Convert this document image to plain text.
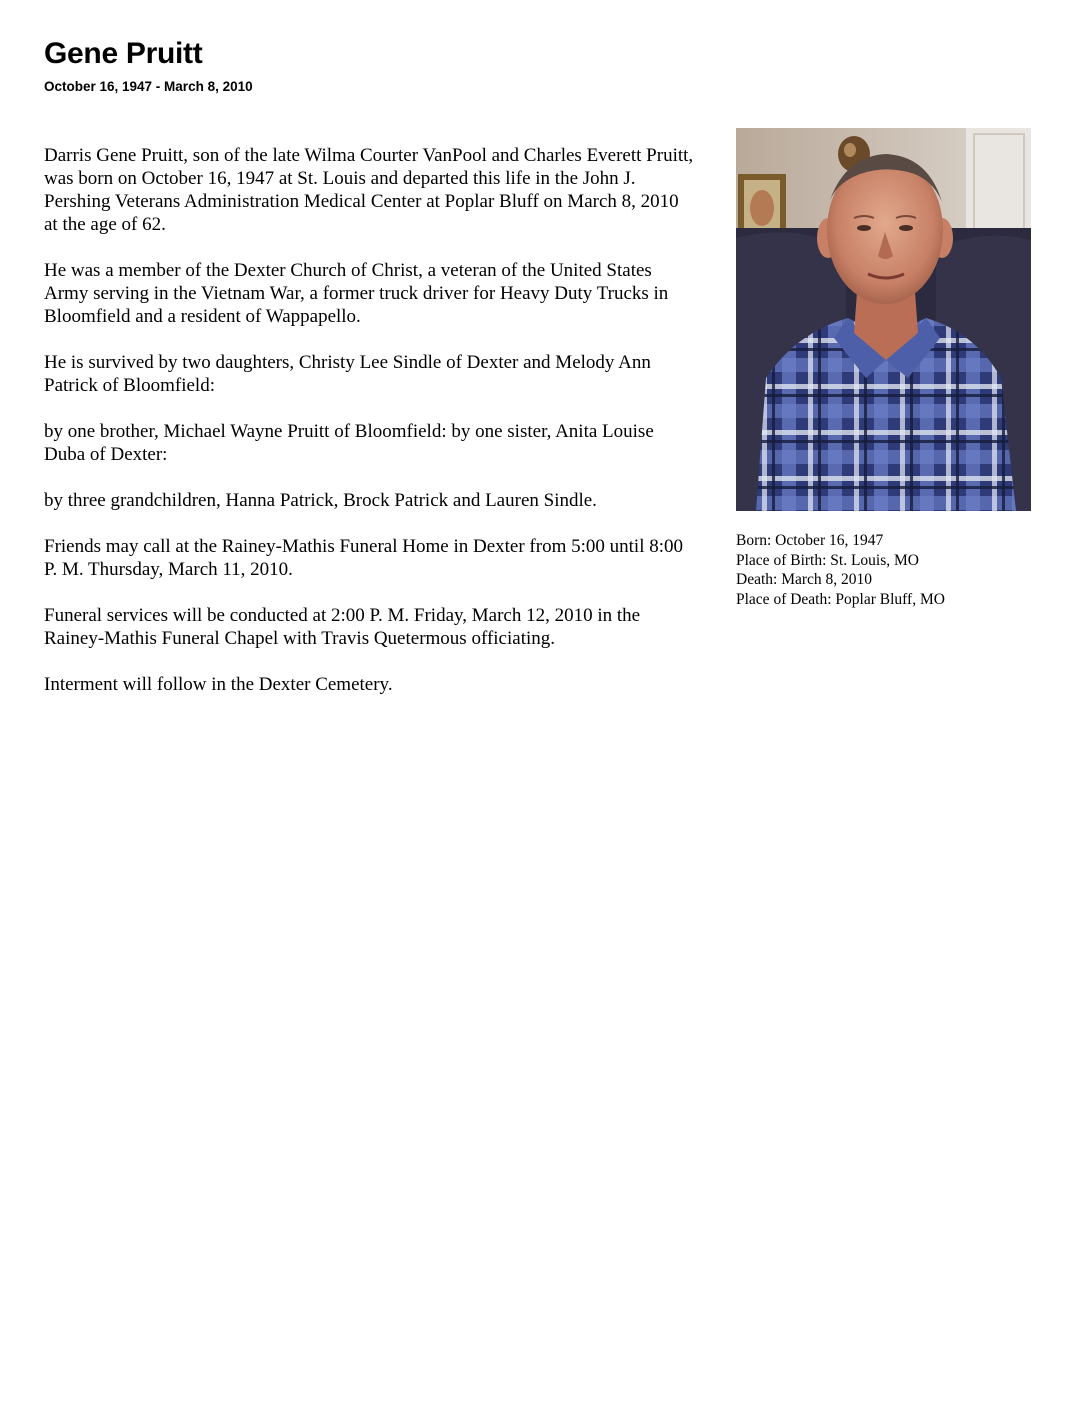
Gene Pruitt
October 16, 1947 - March 8, 2010

Darris Gene Pruitt, son of the late Wilma Courter VanPool and Charles Everett Pruitt, was born on October 16, 1947 at St. Louis and departed this life in the John J. Pershing Veterans Administration Medical Center at Poplar Bluff on March 8, 2010 at the age of 62.

He was a member of the Dexter Church of Christ, a veteran of the United States Army serving in the Vietnam War, a former truck driver for Heavy Duty Trucks in Bloomfield and a resident of Wappapello.

He is survived by two daughters, Christy Lee Sindle of Dexter and Melody Ann Patrick of Bloomfield:

by one brother, Michael Wayne Pruitt of Bloomfield: by one sister, Anita Louise Duba of Dexter:

by three grandchildren, Hanna Patrick, Brock Patrick and Lauren Sindle.

Friends may call at the Rainey-Mathis Funeral Home in Dexter from 5:00 until 8:00 P. M. Thursday, March 11, 2010.

Funeral services will be conducted at 2:00 P. M. Friday, March 12, 2010 in the Rainey-Mathis Funeral Chapel with Travis Quetermous officiating.

Interment will follow in the Dexter Cemetery.

Born: October 16, 1947
Place of Birth: St. Louis, MO
Death: March 8, 2010
Place of Death: Poplar Bluff, MO
